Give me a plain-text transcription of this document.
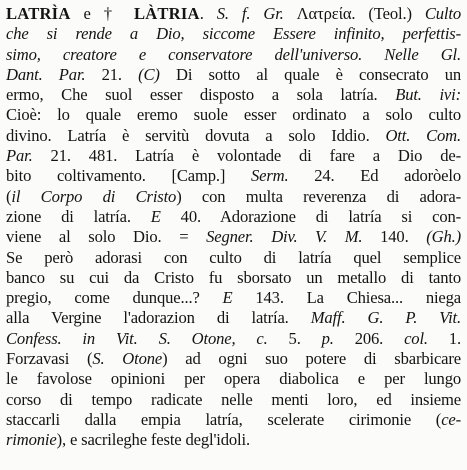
LATRÌA e † LÀTRIA. S. f. Gr. Λατρεία. (Teol.) Culto
che si rende a Dio, siccome Essere infinito, perfettis-
simo, creatore e conservatore dell'universo. Nelle Gl.
Dant. Par. 21. (C) Di sotto al quale è consecrato un
ermo, Che suol esser disposto a sola latría. But. ivi:
Cioè: lo quale eremo suole esser ordinato a solo culto
divino. Latría è servitù dovuta a solo Iddio. Ott. Com.
Par. 21. 481. Latría è volontade di fare a Dio de-
bito coltivamento. [Camp.] Serm. 24. Ed adoròelo
(il Corpo di Cristo) con multa reverenza di adora-
zione di latría. E 40. Adorazione di latría si con-
viene al solo Dio. = Segner. Div. V. M. 140. (Gh.)
Se però adorasi con culto di latría quel semplice
banco su cui da Cristo fu sborsato un metallo di tanto
pregio, come dunque...? E 143. La Chiesa... niega
alla Vergine l'adorazion di latría. Maff. G. P. Vit.
Confess. in Vit. S. Otone, c. 5. p. 206. col. 1.
Forzavasi (S. Otone) ad ogni suo potere di sbarbicare
le favolose opinioni per opera diabolica e per lungo
corso di tempo radicate nelle menti loro, ed insieme
staccarli dalla empia latría, scelerate cirimonie (ce-
rimonie), e sacrileghe feste degl'idoli.
